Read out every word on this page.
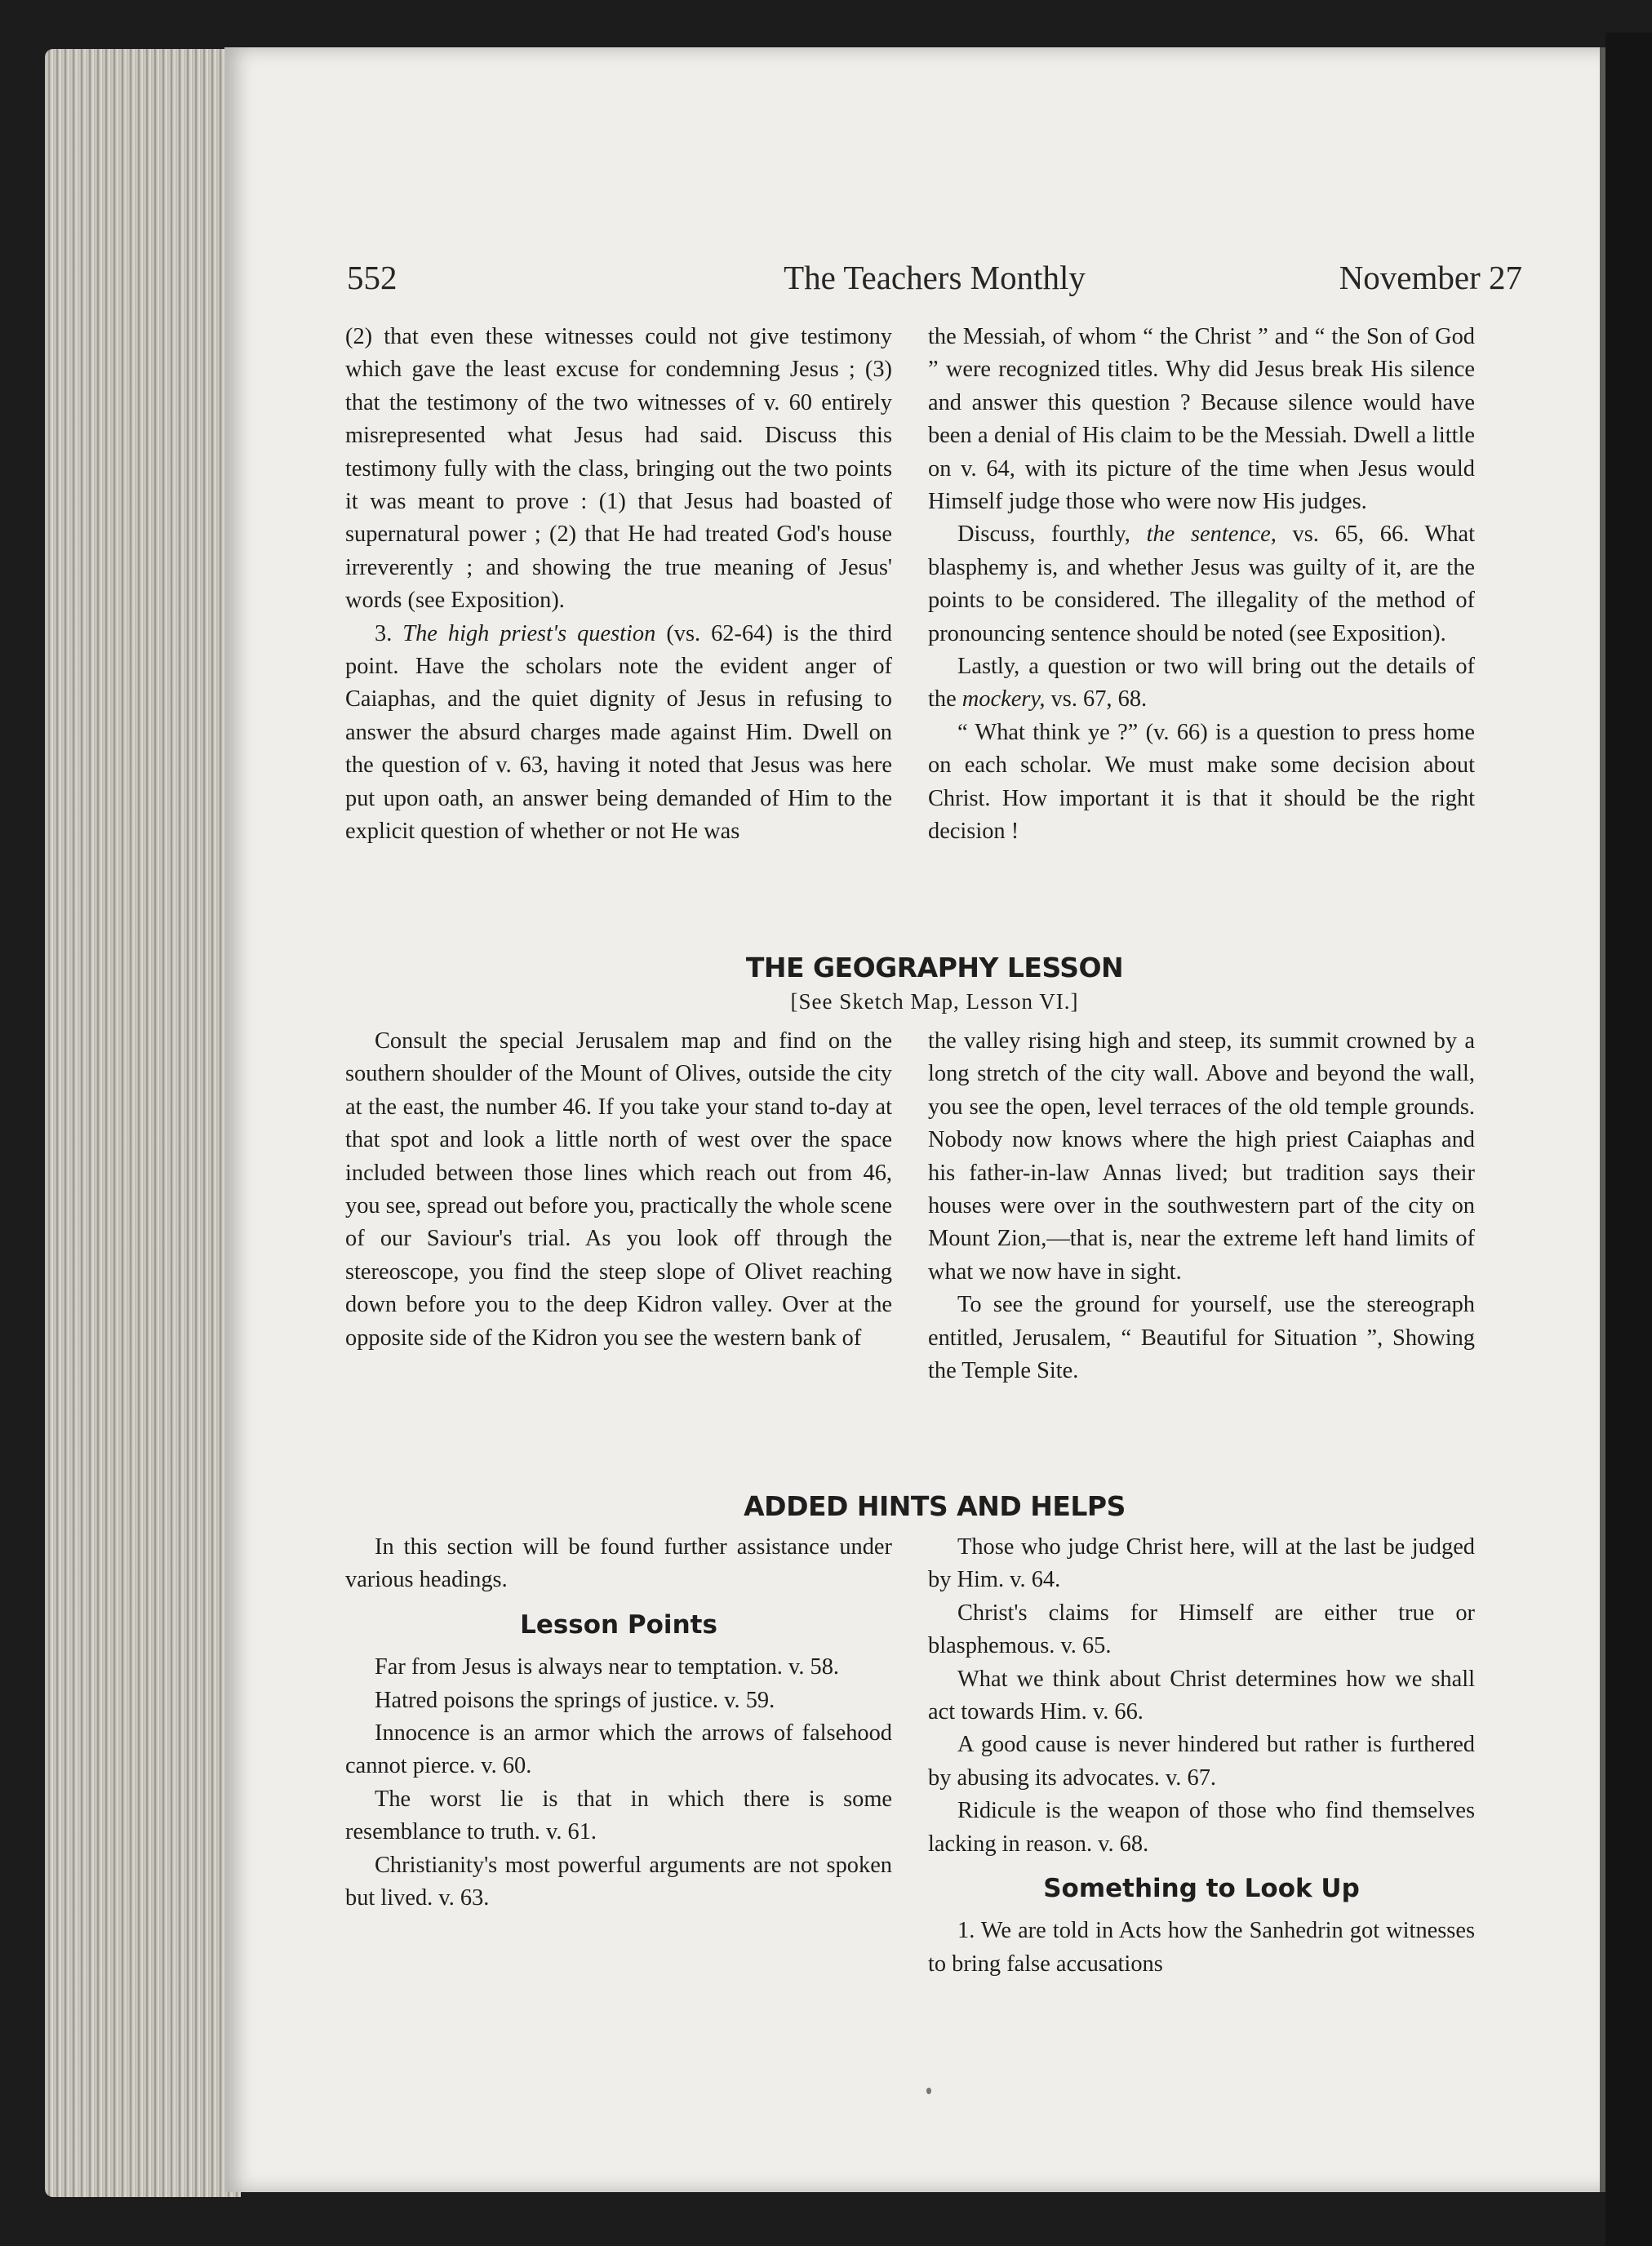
552	The Teachers Monthly	November 27

(2) that even these witnesses could not give testimony which gave the least excuse for condemning Jesus ; (3) that the testimony of the two witnesses of v. 60 entirely misrepresented what Jesus had said. Discuss this testimony fully with the class, bringing out the two points it was meant to prove : (1) that Jesus had boasted of supernatural power ; (2) that He had treated God's house irreverently ; and showing the true meaning of Jesus' words (see Exposition).

3. The high priest's question (vs. 62-64) is the third point. Have the scholars note the evident anger of Caiaphas, and the quiet dignity of Jesus in refusing to answer the absurd charges made against Him. Dwell on the question of v. 63, having it noted that Jesus was here put upon oath, an answer being demanded of Him to the explicit question of whether or not He was

the Messiah, of whom “ the Christ ” and “ the Son of God ” were recognized titles. Why did Jesus break His silence and answer this question ? Because silence would have been a denial of His claim to be the Messiah. Dwell a little on v. 64, with its picture of the time when Jesus would Himself judge those who were now His judges.

Discuss, fourthly, the sentence, vs. 65, 66. What blasphemy is, and whether Jesus was guilty of it, are the points to be considered. The illegality of the method of pronouncing sentence should be noted (see Exposition).

Lastly, a question or two will bring out the details of the mockery, vs. 67, 68.

“ What think ye ?” (v. 66) is a question to press home on each scholar. We must make some decision about Christ. How important it is that it should be the right decision !

THE GEOGRAPHY LESSON
[See Sketch Map, Lesson VI.]

Consult the special Jerusalem map and find on the southern shoulder of the Mount of Olives, outside the city at the east, the number 46. If you take your stand to-day at that spot and look a little north of west over the space included between those lines which reach out from 46, you see, spread out before you, practically the whole scene of our Saviour's trial. As you look off through the stereoscope, you find the steep slope of Olivet reaching down before you to the deep Kidron valley. Over at the opposite side of the Kidron you see the western bank of

the valley rising high and steep, its summit crowned by a long stretch of the city wall. Above and beyond the wall, you see the open, level terraces of the old temple grounds. Nobody now knows where the high priest Caiaphas and his father-in-law Annas lived; but tradition says their houses were over in the southwestern part of the city on Mount Zion,—that is, near the extreme left hand limits of what we now have in sight.

To see the ground for yourself, use the stereograph entitled, Jerusalem, “ Beautiful for Situation ”, Showing the Temple Site.

ADDED HINTS AND HELPS

In this section will be found further assistance under various headings.

Lesson Points

Far from Jesus is always near to temptation. v. 58.

Hatred poisons the springs of justice. v. 59.

Innocence is an armor which the arrows of falsehood cannot pierce. v. 60.

The worst lie is that in which there is some resemblance to truth. v. 61.

Christianity's most powerful arguments are not spoken but lived. v. 63.

Those who judge Christ here, will at the last be judged by Him. v. 64.

Christ's claims for Himself are either true or blasphemous. v. 65.

What we think about Christ determines how we shall act towards Him. v. 66.

A good cause is never hindered but rather is furthered by abusing its advocates. v. 67.

Ridicule is the weapon of those who find themselves lacking in reason. v. 68.

Something to Look Up

1. We are told in Acts how the Sanhedrin got witnesses to bring false accusations
